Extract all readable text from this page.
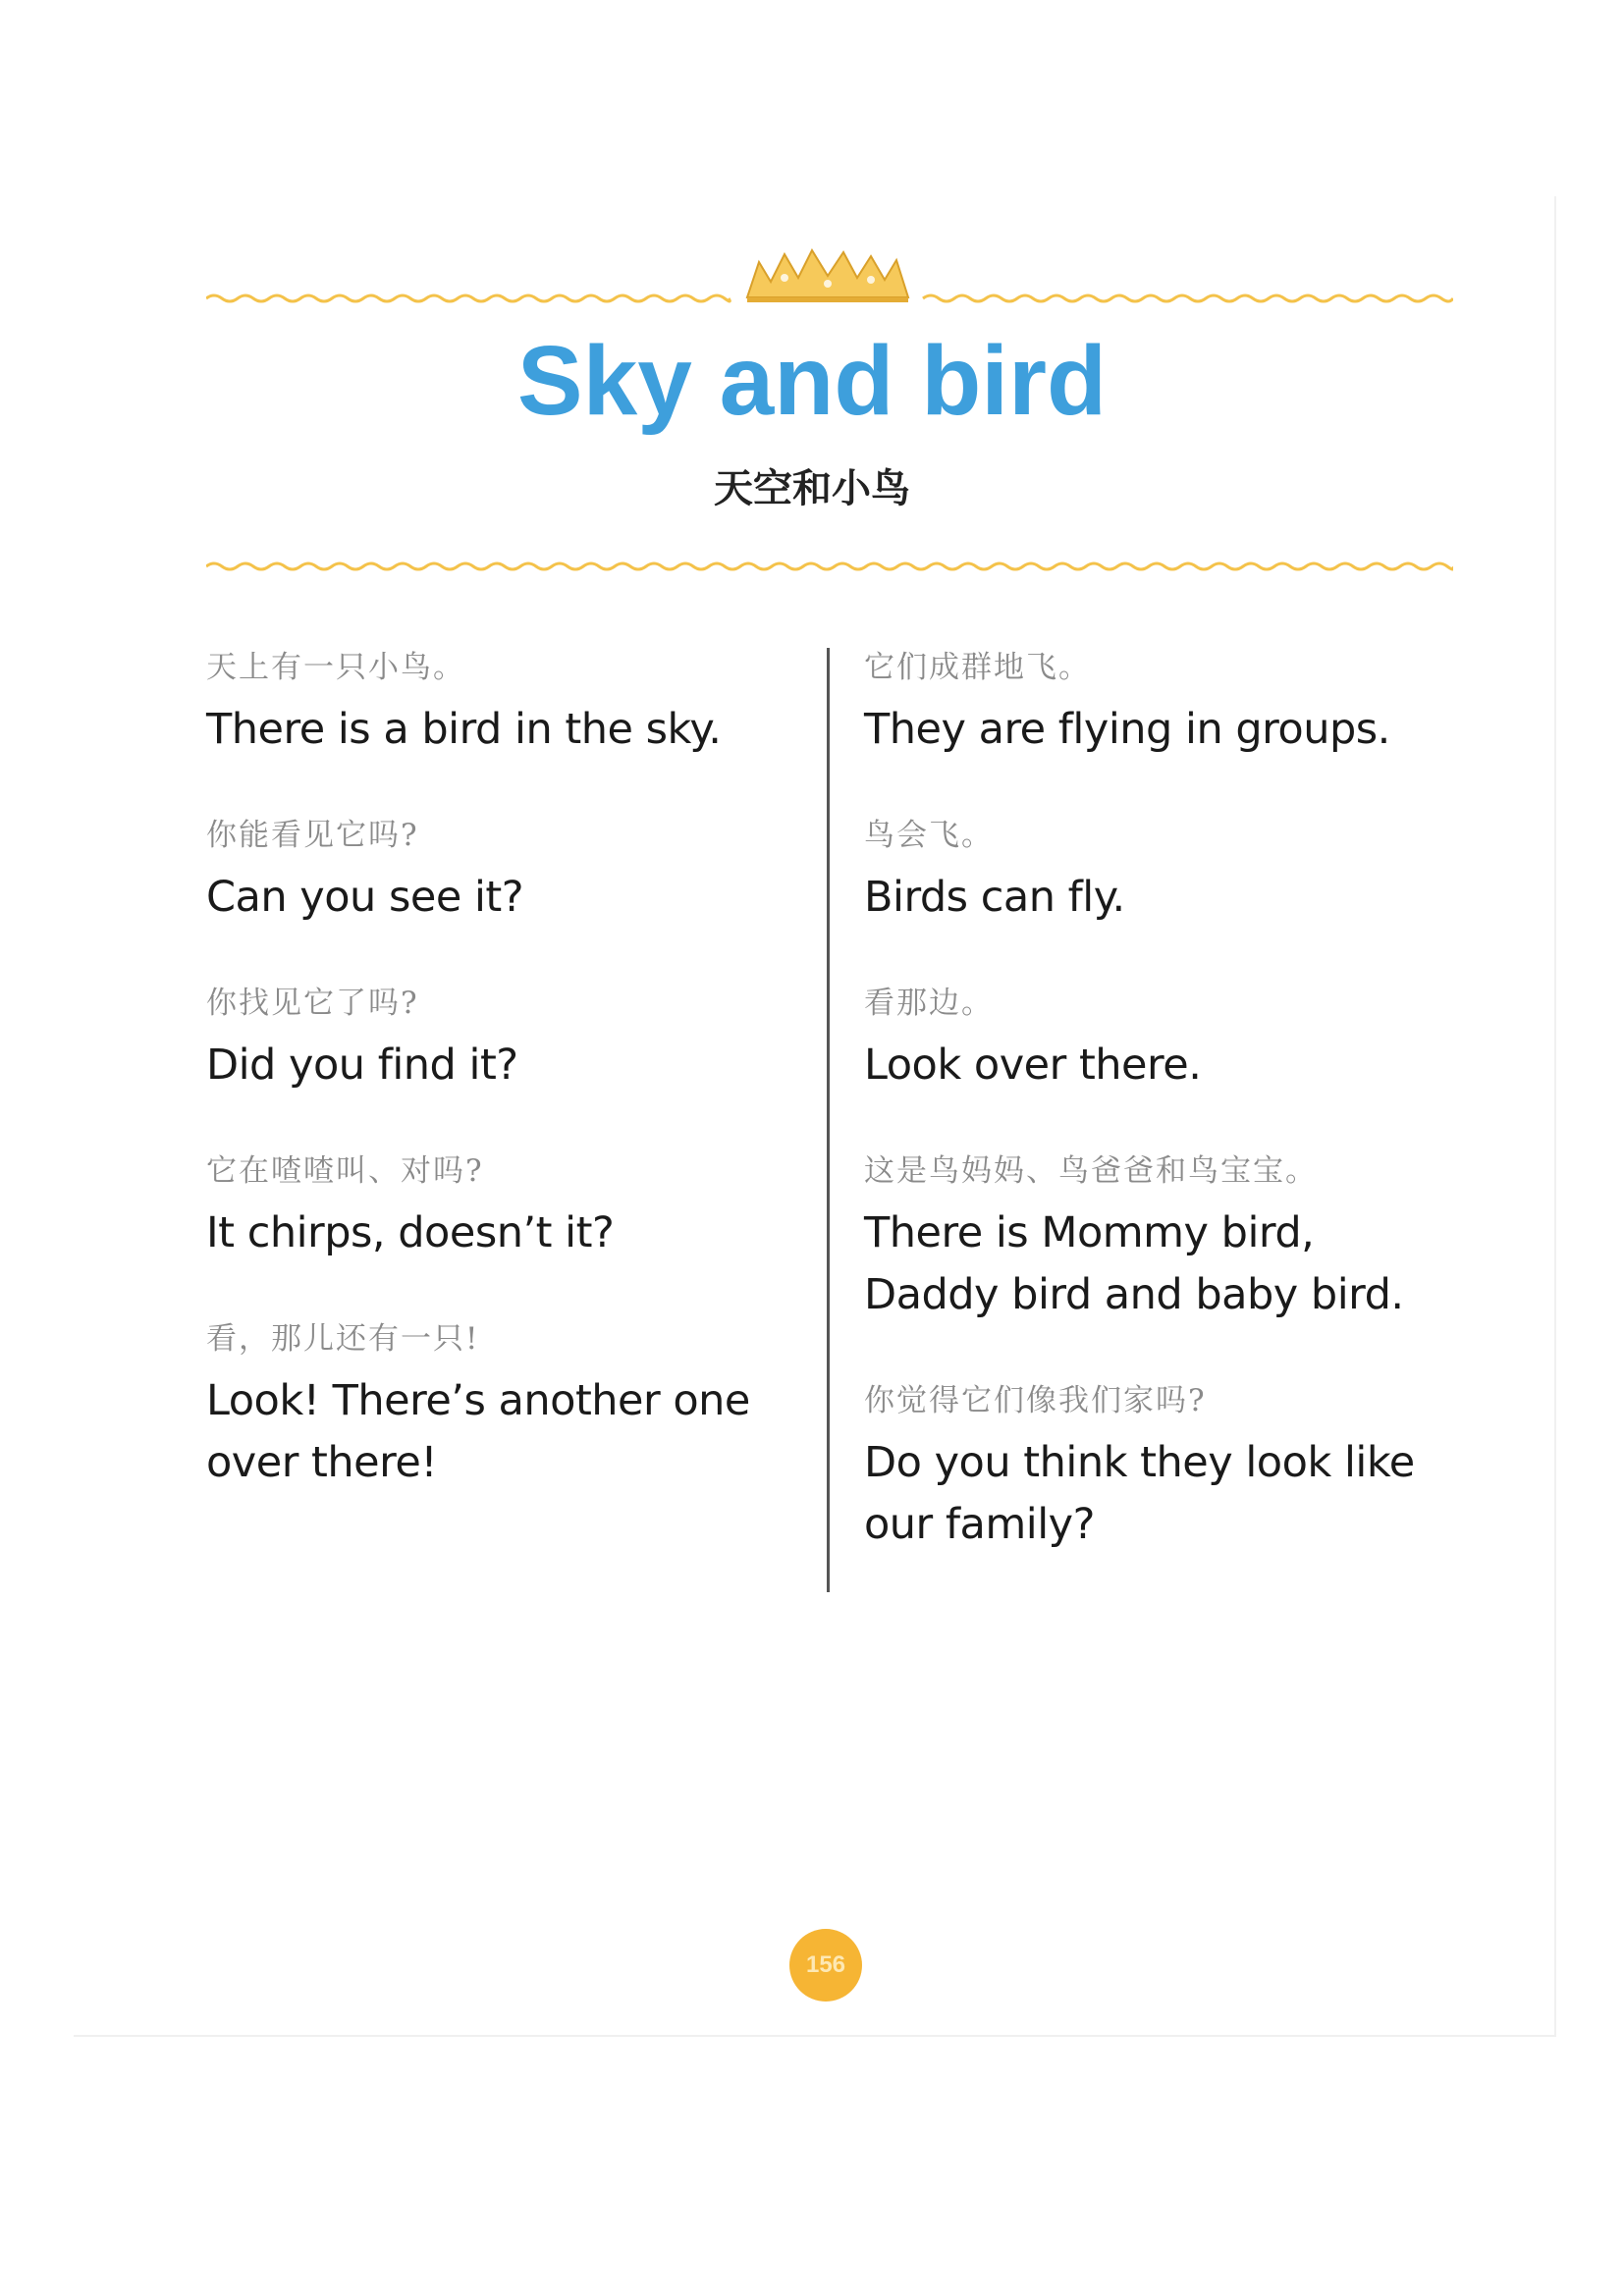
Sky and bird
天空和小鸟
天上有一只小鸟。
There is a bird in the sky.
你能看见它吗?
Can you see it?
你找见它了吗?
Did you find it?
它在喳喳叫、对吗?
It chirps, doesn’t it?
看，那儿还有一只!
Look! There’s another one over there!
它们成群地飞。
They are flying in groups.
鸟会飞。
Birds can fly.
看那边。
Look over there.
这是鸟妈妈、鸟爸爸和鸟宝宝。
There is Mommy bird, Daddy bird and baby bird.
你觉得它们像我们家吗?
Do you think they look like our family?
156
